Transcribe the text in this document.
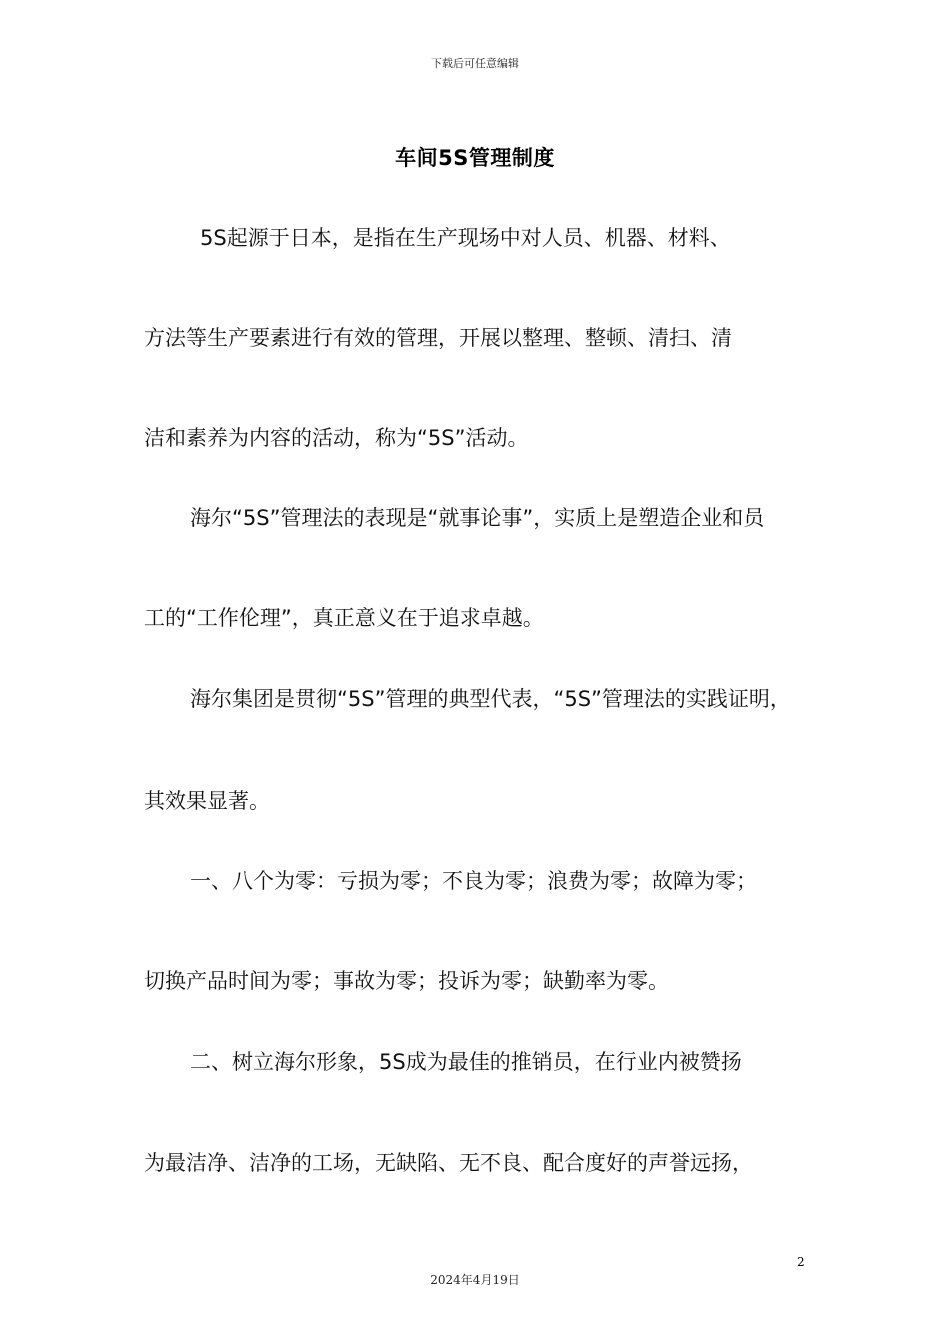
下载后可任意编辑
车间5S管理制度
5S起源于日本，是指在生产现场中对人员、机器、材料、
方法等生产要素进行有效的管理，开展以整理、整顿、清扫、清
洁和素养为内容的活动，称为“5S”活动。
海尔“5S”管理法的表现是“就事论事”，实质上是塑造企业和员
工的“工作伦理”，真正意义在于追求卓越。
海尔集团是贯彻“5S”管理的典型代表，“5S”管理法的实践证明，
其效果显著。
一、八个为零：亏损为零；不良为零；浪费为零；故障为零；
切换产品时间为零；事故为零；投诉为零；缺勤率为零。
二、树立海尔形象，5S成为最佳的推销员，在行业内被赞扬
为最洁净、洁净的工场，无缺陷、无不良、配合度好的声誉远扬，
2
2024年4月19日
